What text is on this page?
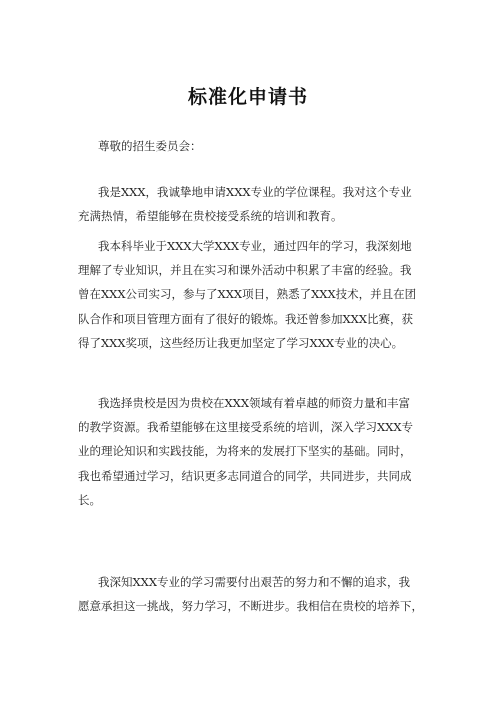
标准化申请书
尊敬的招生委员会：
我是XXX，我诚挚地申请XXX专业的学位课程。我对这个专业
充满热情，希望能够在贵校接受系统的培训和教育。
我本科毕业于XXX大学XXX专业，通过四年的学习，我深刻地
理解了专业知识，并且在实习和课外活动中积累了丰富的经验。我
曾在XXX公司实习，参与了XXX项目，熟悉了XXX技术，并且在团
队合作和项目管理方面有了很好的锻炼。我还曾参加XXX比赛，获
得了XXX奖项，这些经历让我更加坚定了学习XXX专业的决心。
我选择贵校是因为贵校在XXX领域有着卓越的师资力量和丰富
的教学资源。我希望能够在这里接受系统的培训，深入学习XXX专
业的理论知识和实践技能，为将来的发展打下坚实的基础。同时，
我也希望通过学习，结识更多志同道合的同学，共同进步，共同成
长。
我深知XXX专业的学习需要付出艰苦的努力和不懈的追求，我
愿意承担这一挑战，努力学习，不断进步。我相信在贵校的培养下，
